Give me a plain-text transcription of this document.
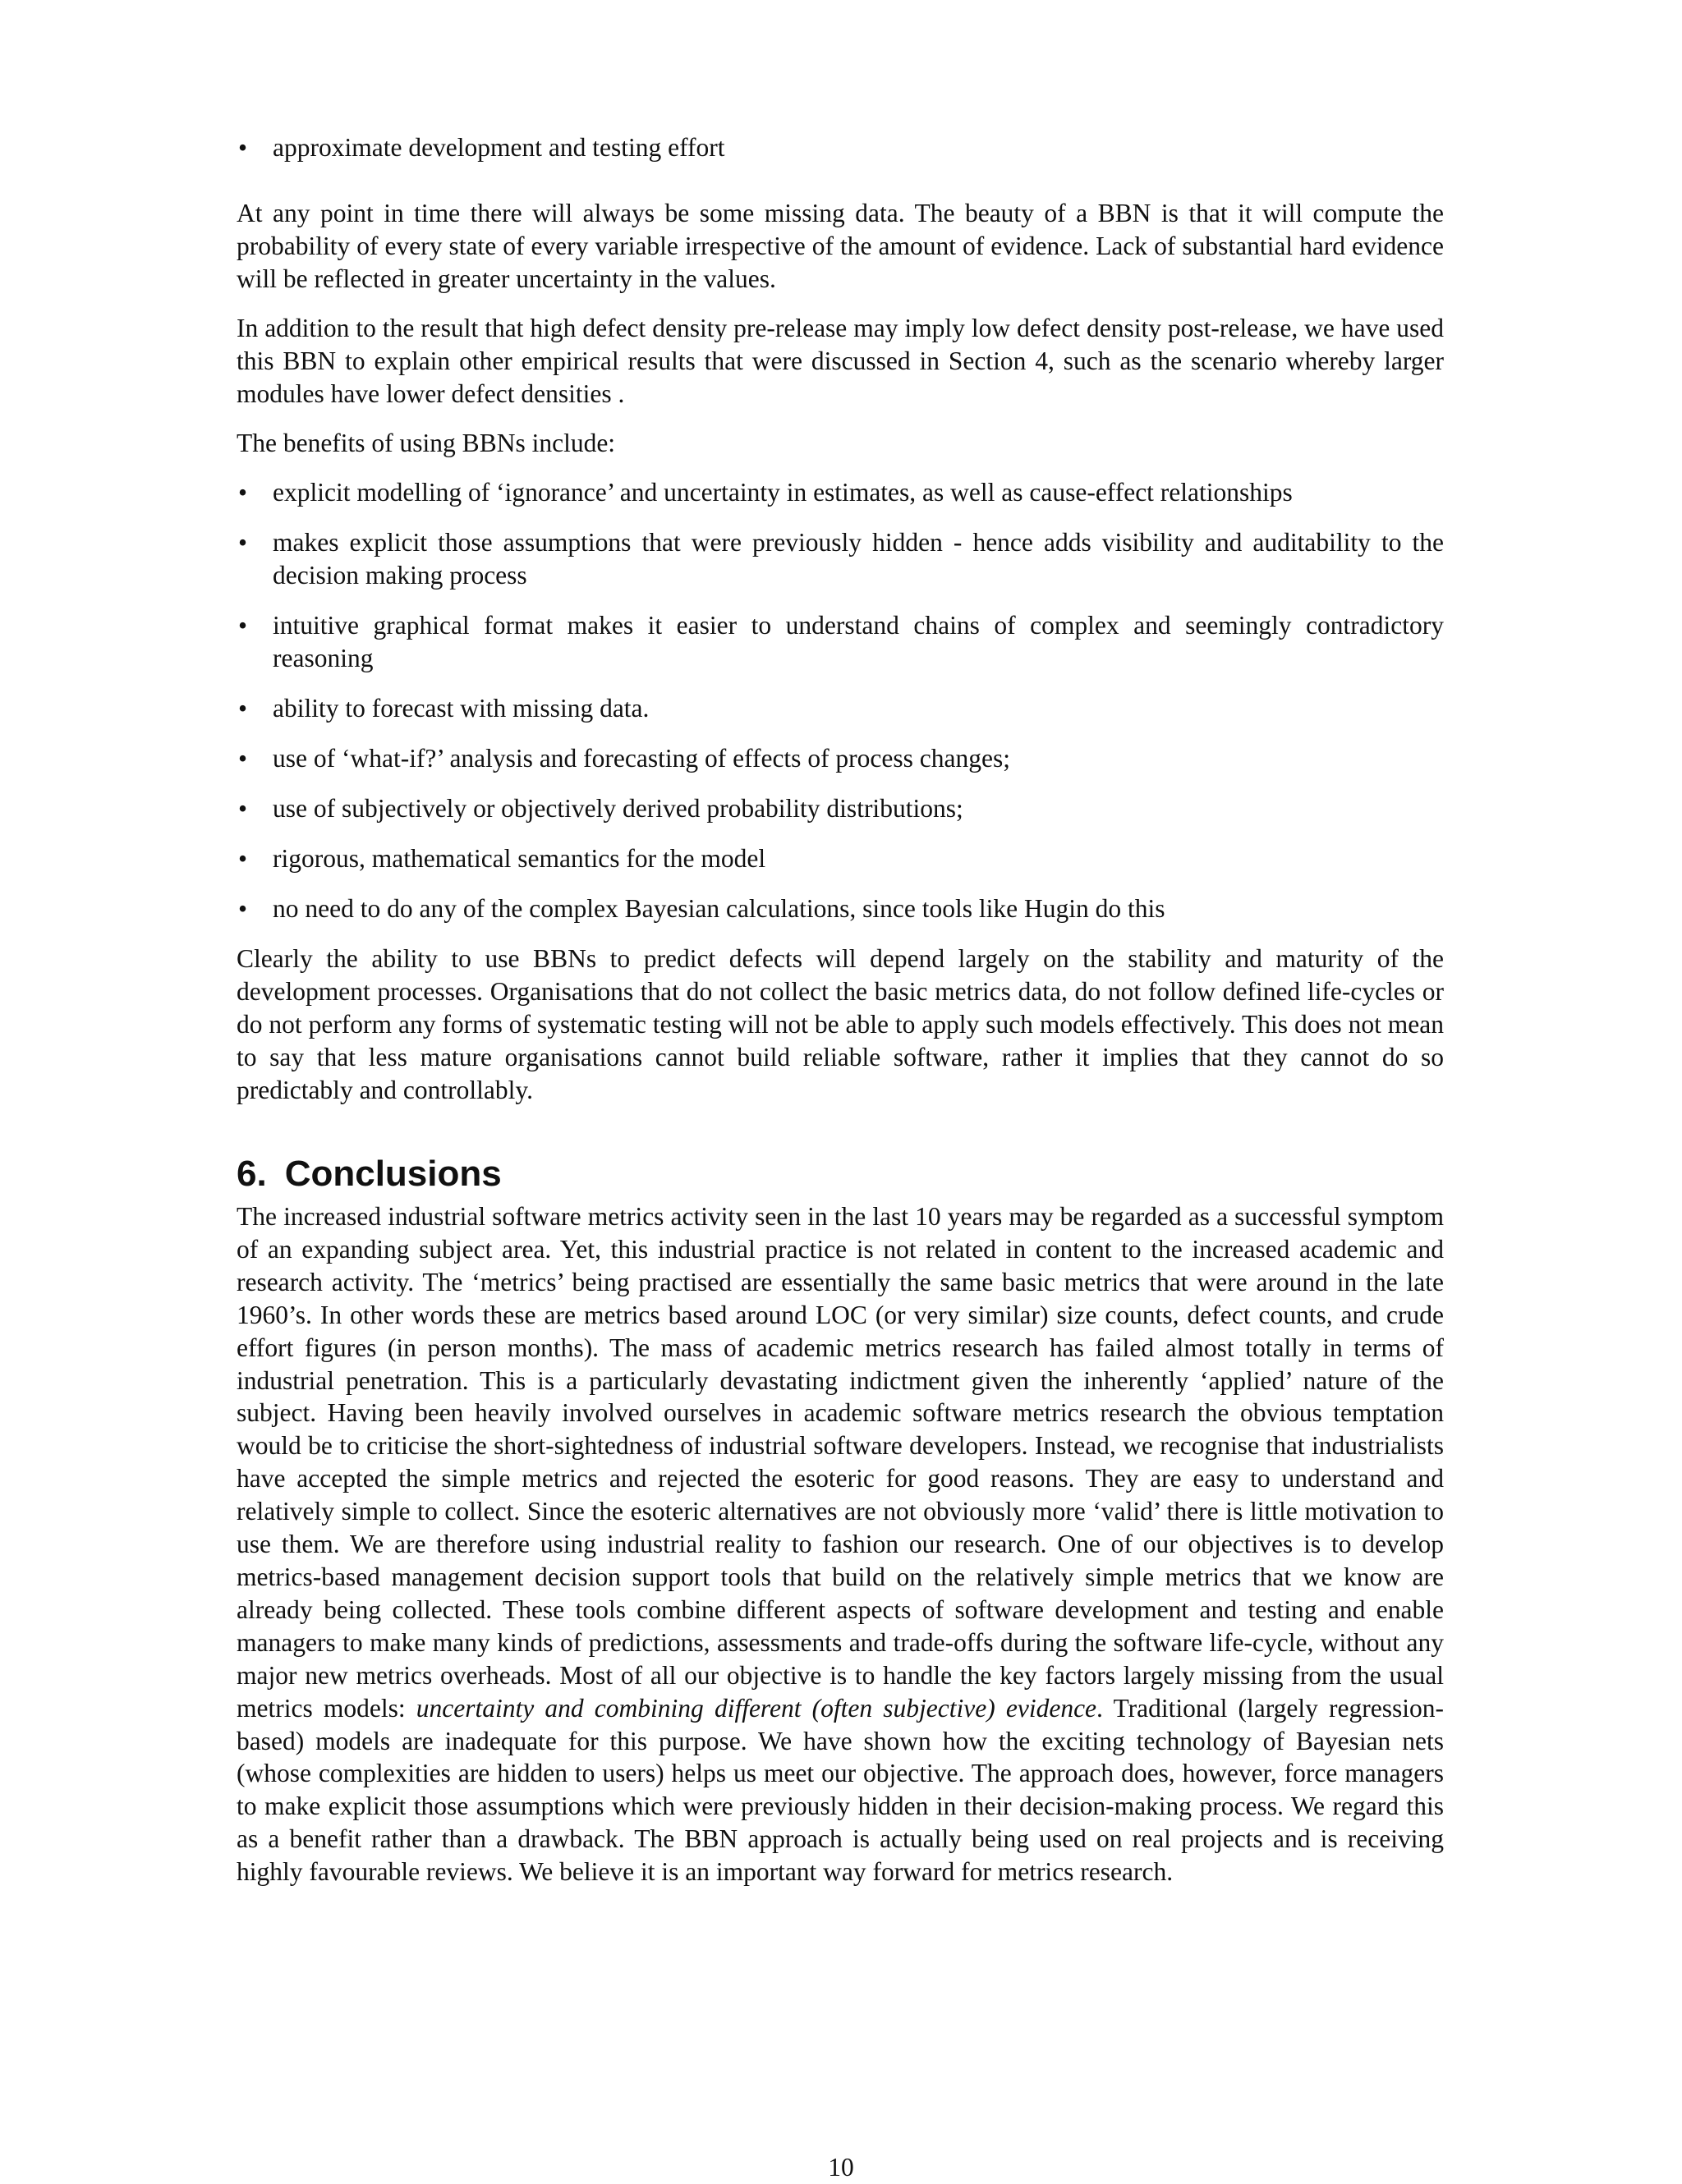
• approximate development and testing effort

At any point in time there will always be some missing data. The beauty of a BBN is that it will compute the probability of every state of every variable irrespective of the amount of evidence. Lack of substantial hard evidence will be reflected in greater uncertainty in the values.

In addition to the result that high defect density pre-release may imply low defect density post-release, we have used this BBN to explain other empirical results that were discussed in Section 4, such as the scenario whereby larger modules have lower defect densities .

The benefits of using BBNs include:

• explicit modelling of ‘ignorance’ and uncertainty in estimates, as well as cause-effect relationships
• makes explicit those assumptions that were previously hidden - hence adds visibility and auditability to the decision making process
• intuitive graphical format makes it easier to understand chains of complex and seemingly contradictory reasoning
• ability to forecast with missing data.
• use of ‘what-if?’ analysis and forecasting of effects of process changes;
• use of subjectively or objectively derived probability distributions;
• rigorous, mathematical semantics for the model
• no need to do any of the complex Bayesian calculations, since tools like Hugin do this

Clearly the ability to use BBNs to predict defects will depend largely on the stability and maturity of the development processes. Organisations that do not collect the basic metrics data, do not follow defined life-cycles or do not perform any forms of systematic testing will not be able to apply such models effectively. This does not mean to say that less mature organisations cannot build reliable software, rather it implies that they cannot do so predictably and controllably.

6. Conclusions

The increased industrial software metrics activity seen in the last 10 years may be regarded as a successful symptom of an expanding subject area. Yet, this industrial practice is not related in content to the increased academic and research activity. The ‘metrics’ being practised are essentially the same basic metrics that were around in the late 1960’s. In other words these are metrics based around LOC (or very similar) size counts, defect counts, and crude effort figures (in person months). The mass of academic metrics research has failed almost totally in terms of industrial penetration. This is a particularly devastating indictment given the inherently ‘applied’ nature of the subject. Having been heavily involved ourselves in academic software metrics research the obvious temptation would be to criticise the short-sightedness of industrial software developers. Instead, we recognise that industrialists have accepted the simple metrics and rejected the esoteric for good reasons. They are easy to understand and relatively simple to collect. Since the esoteric alternatives are not obviously more ‘valid’ there is little motivation to use them. We are therefore using industrial reality to fashion our research. One of our objectives is to develop metrics-based management decision support tools that build on the relatively simple metrics that we know are already being collected. These tools combine different aspects of software development and testing and enable managers to make many kinds of predictions, assessments and trade-offs during the software life-cycle, without any major new metrics overheads. Most of all our objective is to handle the key factors largely missing from the usual metrics models: uncertainty and combining different (often subjective) evidence. Traditional (largely regression-based) models are inadequate for this purpose. We have shown how the exciting technology of Bayesian nets (whose complexities are hidden to users) helps us meet our objective. The approach does, however, force managers to make explicit those assumptions which were previously hidden in their decision-making process. We regard this as a benefit rather than a drawback. The BBN approach is actually being used on real projects and is receiving highly favourable reviews. We believe it is an important way forward for metrics research.

10
